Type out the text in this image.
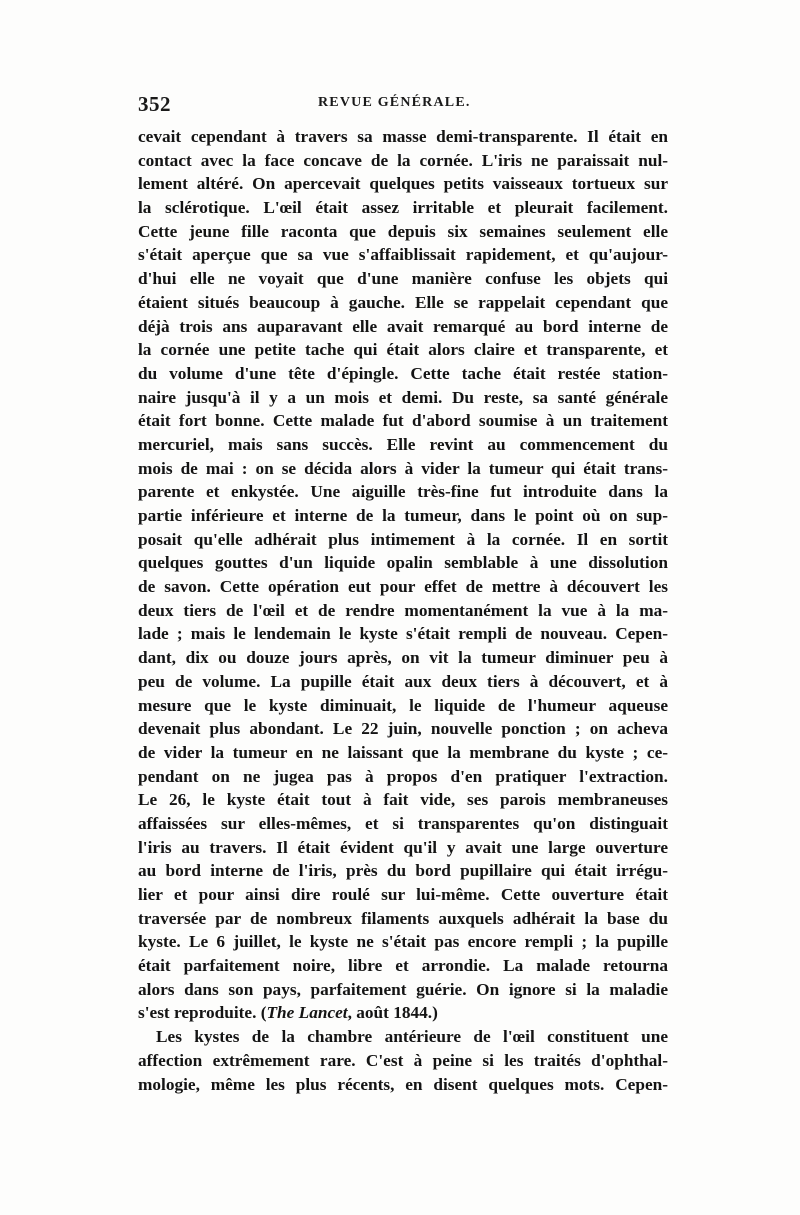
352	REVUE GÉNÉRALE.
cevait cependant à travers sa masse demi-transparente. Il était en
contact avec la face concave de la cornée. L'iris ne paraissait nul-
lement altéré. On apercevait quelques petits vaisseaux tortueux sur
la sclérotique. L'œil était assez irritable et pleurait facilement.
Cette jeune fille raconta que depuis six semaines seulement elle
s'était aperçue que sa vue s'affaiblissait rapidement, et qu'aujour-
d'hui elle ne voyait que d'une manière confuse les objets qui
étaient situés beaucoup à gauche. Elle se rappelait cependant que
déjà trois ans auparavant elle avait remarqué au bord interne de
la cornée une petite tache qui était alors claire et transparente, et
du volume d'une tête d'épingle. Cette tache était restée station-
naire jusqu'à il y a un mois et demi. Du reste, sa santé générale
était fort bonne. Cette malade fut d'abord soumise à un traitement
mercuriel, mais sans succès. Elle revint au commencement du
mois de mai : on se décida alors à vider la tumeur qui était trans-
parente et enkystée. Une aiguille très-fine fut introduite dans la
partie inférieure et interne de la tumeur, dans le point où on sup-
posait qu'elle adhérait plus intimement à la cornée. Il en sortit
quelques gouttes d'un liquide opalin semblable à une dissolution
de savon. Cette opération eut pour effet de mettre à découvert les
deux tiers de l'œil et de rendre momentanément la vue à la ma-
lade ; mais le lendemain le kyste s'était rempli de nouveau. Cepen-
dant, dix ou douze jours après, on vit la tumeur diminuer peu à
peu de volume. La pupille était aux deux tiers à découvert, et à
mesure que le kyste diminuait, le liquide de l'humeur aqueuse
devenait plus abondant. Le 22 juin, nouvelle ponction ; on acheva
de vider la tumeur en ne laissant que la membrane du kyste ; ce-
pendant on ne jugea pas à propos d'en pratiquer l'extraction.
Le 26, le kyste était tout à fait vide, ses parois membraneuses
affaissées sur elles-mêmes, et si transparentes qu'on distinguait
l'iris au travers. Il était évident qu'il y avait une large ouverture
au bord interne de l'iris, près du bord pupillaire qui était irrégu-
lier et pour ainsi dire roulé sur lui-même. Cette ouverture était
traversée par de nombreux filaments auxquels adhérait la base du
kyste. Le 6 juillet, le kyste ne s'était pas encore rempli ; la pupille
était parfaitement noire, libre et arrondie. La malade retourna
alors dans son pays, parfaitement guérie. On ignore si la maladie
s'est reproduite. (The Lancet, août 1844.)
Les kystes de la chambre antérieure de l'œil constituent une
affection extrêmement rare. C'est à peine si les traités d'ophthal-
mologie, même les plus récents, en disent quelques mots. Cepen-
